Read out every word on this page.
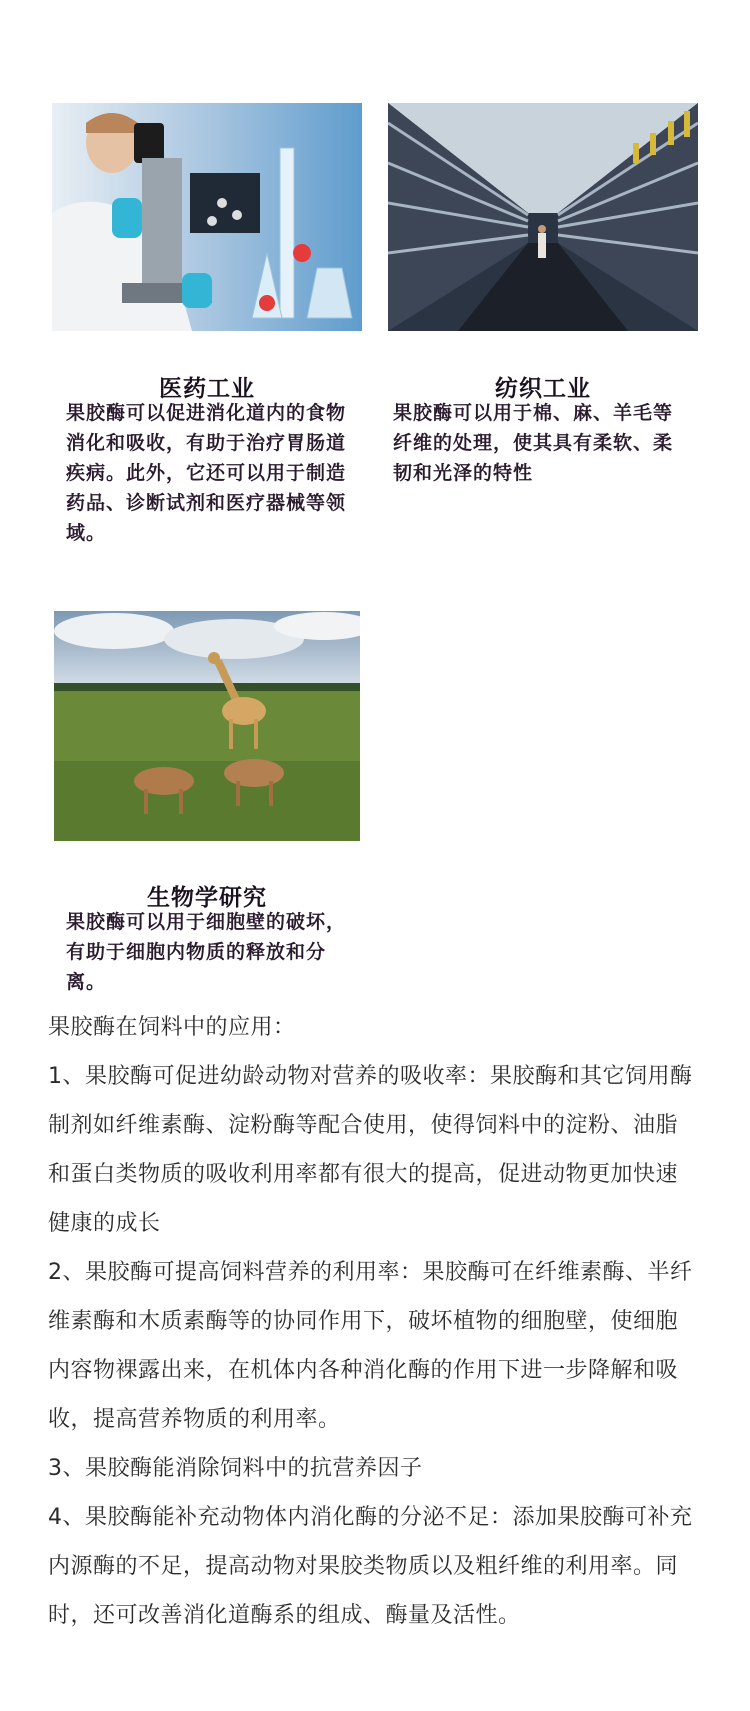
医药工业
果胶酶可以促进消化道内的食物消化和吸收，有助于治疗胃肠道疾病。此外，它还可以用于制造药品、诊断试剂和医疗器械等领域。
纺织工业
果胶酶可以用于棉、麻、羊毛等纤维的处理，使其具有柔软、柔韧和光泽的特性
生物学研究
果胶酶可以用于细胞壁的破坏，有助于细胞内物质的释放和分离。

果胶酶在饲料中的应用：

1、果胶酶可促进幼龄动物对营养的吸收率：果胶酶和其它饲用酶制剂如纤维素酶、淀粉酶等配合使用，使得饲料中的淀粉、油脂和蛋白类物质的吸收利用率都有很大的提高，促进动物更加快速健康的成长

2、果胶酶可提高饲料营养的利用率：果胶酶可在纤维素酶、半纤维素酶和木质素酶等的协同作用下，破坏植物的细胞壁，使细胞内容物裸露出来，在机体内各种消化酶的作用下进一步降解和吸收，提高营养物质的利用率。

3、果胶酶能消除饲料中的抗营养因子

4、果胶酶能补充动物体内消化酶的分泌不足：添加果胶酶可补充内源酶的不足，提高动物对果胶类物质以及粗纤维的利用率。同时，还可改善消化道酶系的组成、酶量及活性。
